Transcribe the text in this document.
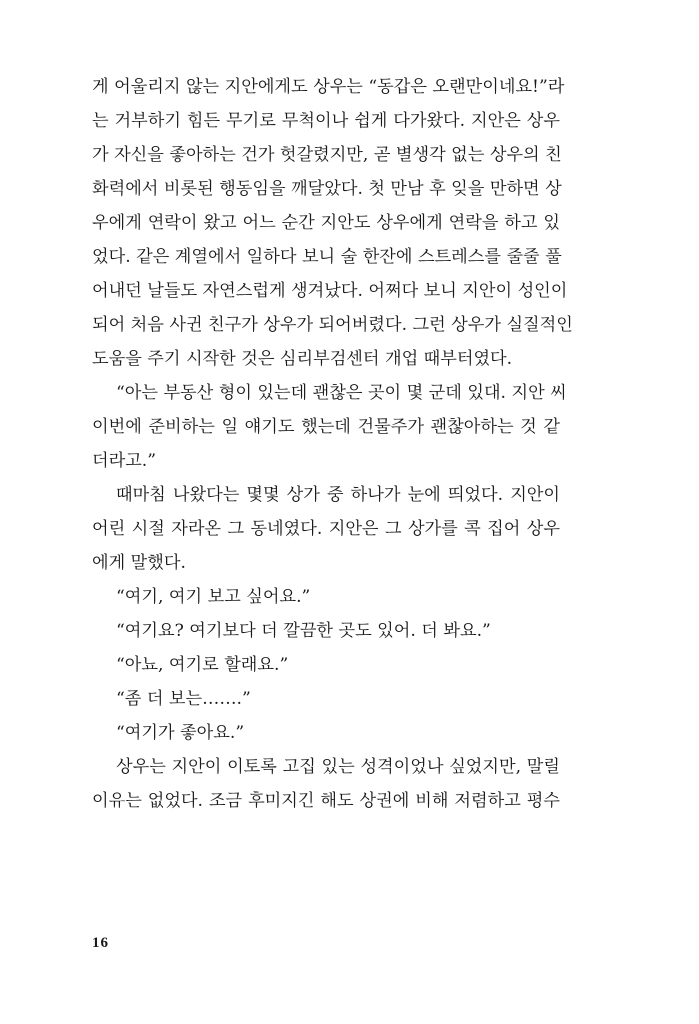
게 어울리지 않는 지안에게도 상우는 “동갑은 오랜만이네요!”라
는 거부하기 힘든 무기로 무척이나 쉽게 다가왔다. 지안은 상우
가 자신을 좋아하는 건가 헛갈렸지만, 곧 별생각 없는 상우의 친
화력에서 비롯된 행동임을 깨달았다. 첫 만남 후 잊을 만하면 상
우에게 연락이 왔고 어느 순간 지안도 상우에게 연락을 하고 있
었다. 같은 계열에서 일하다 보니 술 한잔에 스트레스를 줄줄 풀
어내던 날들도 자연스럽게 생겨났다. 어쩌다 보니 지안이 성인이
되어 처음 사귄 친구가 상우가 되어버렸다. 그런 상우가 실질적인
도움을 주기 시작한 것은 심리부검센터 개업 때부터였다.
“아는 부동산 형이 있는데 괜찮은 곳이 몇 군데 있대. 지안 씨
이번에 준비하는 일 얘기도 했는데 건물주가 괜찮아하는 것 같
더라고.”
때마침 나왔다는 몇몇 상가 중 하나가 눈에 띄었다. 지안이
어린 시절 자라온 그 동네였다. 지안은 그 상가를 콕 집어 상우
에게 말했다.
“여기, 여기 보고 싶어요.”
“여기요? 여기보다 더 깔끔한 곳도 있어. 더 봐요.”
“아뇨, 여기로 할래요.”
“좀 더 보는…….”
“여기가 좋아요.”
상우는 지안이 이토록 고집 있는 성격이었나 싶었지만, 말릴
이유는 없었다. 조금 후미지긴 해도 상권에 비해 저렴하고 평수
16
